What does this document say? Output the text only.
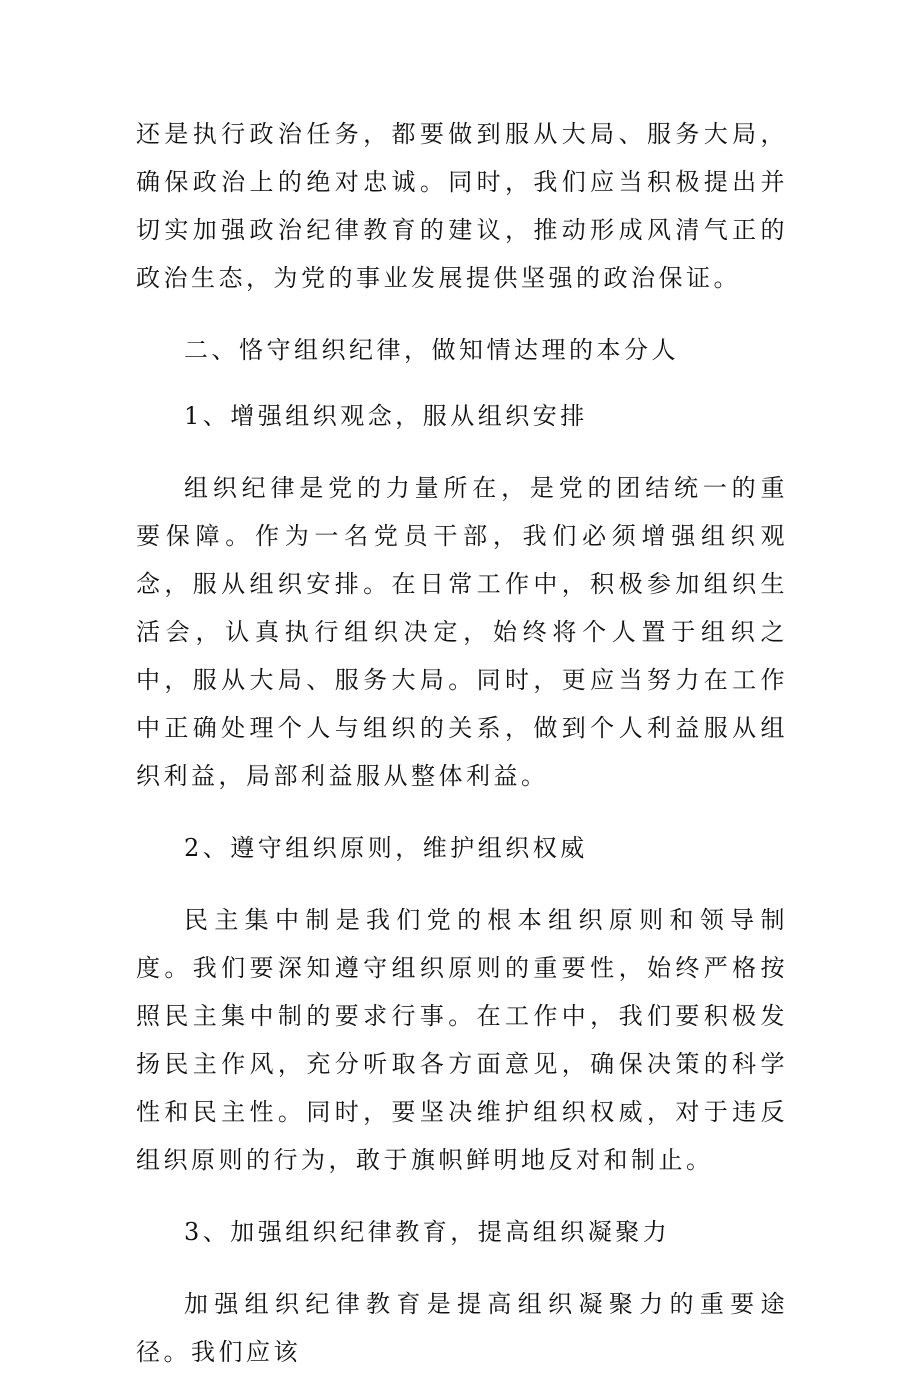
还是执行政治任务，都要做到服从大局、服务大局，确保政治上的绝对忠诚。同时，我们应当积极提出并切实加强政治纪律教育的建议，推动形成风清气正的政治生态，为党的事业发展提供坚强的政治保证。

二、恪守组织纪律，做知情达理的本分人

1、增强组织观念，服从组织安排

组织纪律是党的力量所在，是党的团结统一的重要保障。作为一名党员干部，我们必须增强组织观念，服从组织安排。在日常工作中，积极参加组织生活会，认真执行组织决定，始终将个人置于组织之中，服从大局、服务大局。同时，更应当努力在工作中正确处理个人与组织的关系，做到个人利益服从组织利益，局部利益服从整体利益。

2、遵守组织原则，维护组织权威

民主集中制是我们党的根本组织原则和领导制度。我们要深知遵守组织原则的重要性，始终严格按照民主集中制的要求行事。在工作中，我们要积极发扬民主作风，充分听取各方面意见，确保决策的科学性和民主性。同时，要坚决维护组织权威，对于违反组织原则的行为，敢于旗帜鲜明地反对和制止。

3、加强组织纪律教育，提高组织凝聚力

加强组织纪律教育是提高组织凝聚力的重要途径。我们应该
